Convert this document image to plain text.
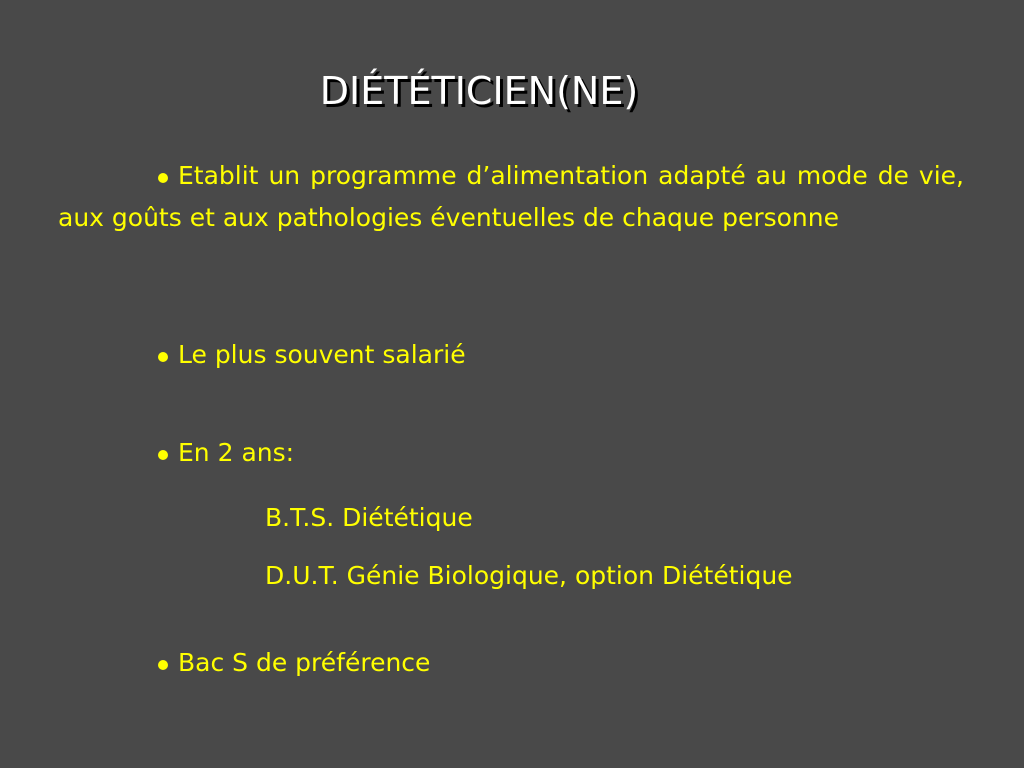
DIÉTÉTICIEN(NE)
Etablit un programme d’alimentation adapté au mode de vie, aux goûts et aux pathologies éventuelles de chaque personne
Le plus souvent salarié
En 2 ans:
B.T.S. Diététique
D.U.T. Génie Biologique, option Diététique
Bac S de préférence
